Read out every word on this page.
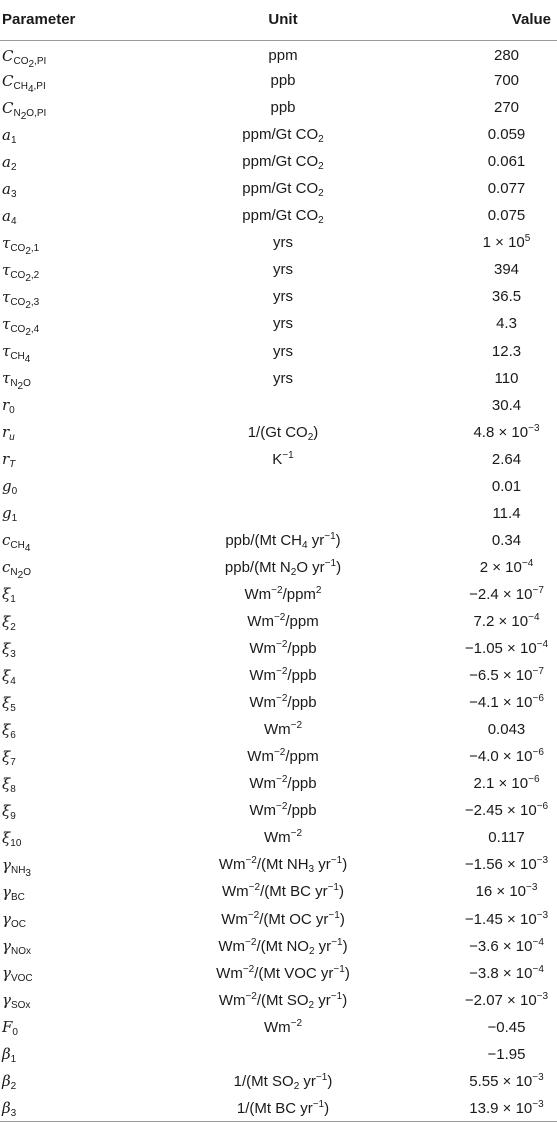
Parameter	Unit	Value
$C_{CO_2,PI}$	ppm	280
$C_{CH_4,PI}$	ppb	700
$C_{N_2O,PI}$	ppb	270
$a_1$	ppm/Gt $CO_2$	0.059
$a_2$	ppm/Gt $CO_2$	0.061
$a_3$	ppm/Gt $CO_2$	0.077
$a_4$	ppm/Gt $CO_2$	0.075
$\tau_{CO_2,1}$	yrs	$1 \times 10^5$
$\tau_{CO_2,2}$	yrs	394
$\tau_{CO_2,3}$	yrs	36.5
$\tau_{CO_2,4}$	yrs	4.3
$\tau_{CH_4}$	yrs	12.3
$\tau_{N_2O}$	yrs	110
$r_0$		30.4
$r_u$	1/(Gt $CO_2$)	$4.8 \times 10^{-3}$
$r_T$	$K^{-1}$	2.64
$g_0$		0.01
$g_1$		11.4
$c_{CH_4}$	ppb/(Mt $CH_4$ $yr^{-1}$)	0.34
$c_{N_2O}$	ppb/(Mt $N_2O$ $yr^{-1}$)	$2 \times 10^{-4}$
$\xi_1$	$Wm^{-2}/ppm^2$	$-2.4 \times 10^{-7}$
$\xi_2$	$Wm^{-2}$/ppm	$7.2 \times 10^{-4}$
$\xi_3$	$Wm^{-2}$/ppb	$-1.05 \times 10^{-4}$
$\xi_4$	$Wm^{-2}$/ppb	$-6.5 \times 10^{-7}$
$\xi_5$	$Wm^{-2}$/ppb	$-4.1 \times 10^{-6}$
$\xi_6$	$Wm^{-2}$	0.043
$\xi_7$	$Wm^{-2}$/ppm	$-4.0 \times 10^{-6}$
$\xi_8$	$Wm^{-2}$/ppb	$2.1 \times 10^{-6}$
$\xi_9$	$Wm^{-2}$/ppb	$-2.45 \times 10^{-6}$
$\xi_{10}$	$Wm^{-2}$	0.117
$\gamma_{NH_3}$	$Wm^{-2}/(Mt$ $NH_3$ $yr^{-1}$)	$-1.56 \times 10^{-3}$
$\gamma_{BC}$	$Wm^{-2}/(Mt$ BC $yr^{-1}$)	$16 \times 10^{-3}$
$\gamma_{OC}$	$Wm^{-2}/(Mt$ OC $yr^{-1}$)	$-1.45 \times 10^{-3}$
$\gamma_{NOx}$	$Wm^{-2}/(Mt$ $NO_2$ $yr^{-1}$)	$-3.6 \times 10^{-4}$
$\gamma_{VOC}$	$Wm^{-2}/(Mt$ VOC $yr^{-1}$)	$-3.8 \times 10^{-4}$
$\gamma_{SOx}$	$Wm^{-2}/(Mt$ $SO_2$ $yr^{-1}$)	$-2.07 \times 10^{-3}$
$F_0$	$Wm^{-2}$	−0.45
$\beta_1$		−1.95
$\beta_2$	1/(Mt $SO_2$ $yr^{-1}$)	$5.55 \times 10^{-3}$
$\beta_3$	1/(Mt BC $yr^{-1}$)	$13.9 \times 10^{-3}$
